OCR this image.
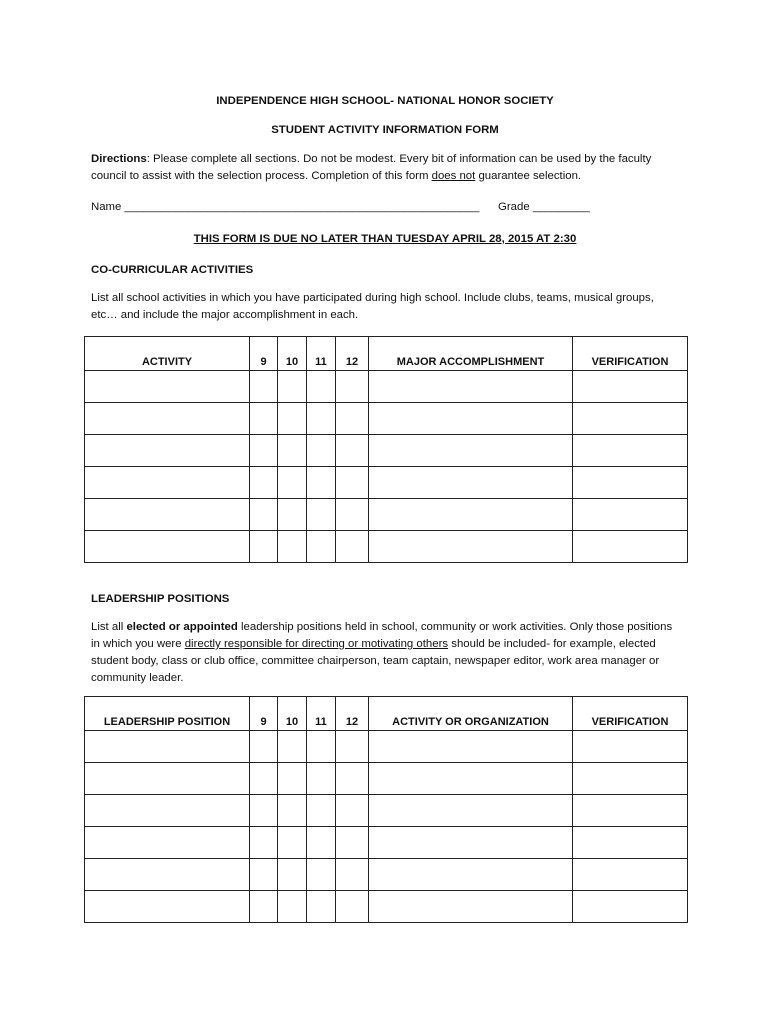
INDEPENDENCE HIGH SCHOOL- NATIONAL HONOR SOCIETY
STUDENT ACTIVITY INFORMATION FORM
Directions: Please complete all sections. Do not be modest. Every bit of information can be used by the faculty council to assist with the selection process. Completion of this form does not guarantee selection.
Name ________________________________________________________ Grade _________
THIS FORM IS DUE NO LATER THAN TUESDAY APRIL 28, 2015 AT 2:30
CO-CURRICULAR ACTIVITIES
List all school activities in which you have participated during high school. Include clubs, teams, musical groups, etc… and include the major accomplishment in each.
ACTIVITY	9	10	11	12	MAJOR ACCOMPLISHMENT	VERIFICATION

LEADERSHIP POSITIONS
List all elected or appointed leadership positions held in school, community or work activities. Only those positions in which you were directly responsible for directing or motivating others should be included- for example, elected student body, class or club office, committee chairperson, team captain, newspaper editor, work area manager or community leader.
LEADERSHIP POSITION	9	10	11	12	ACTIVITY OR ORGANIZATION	VERIFICATION
